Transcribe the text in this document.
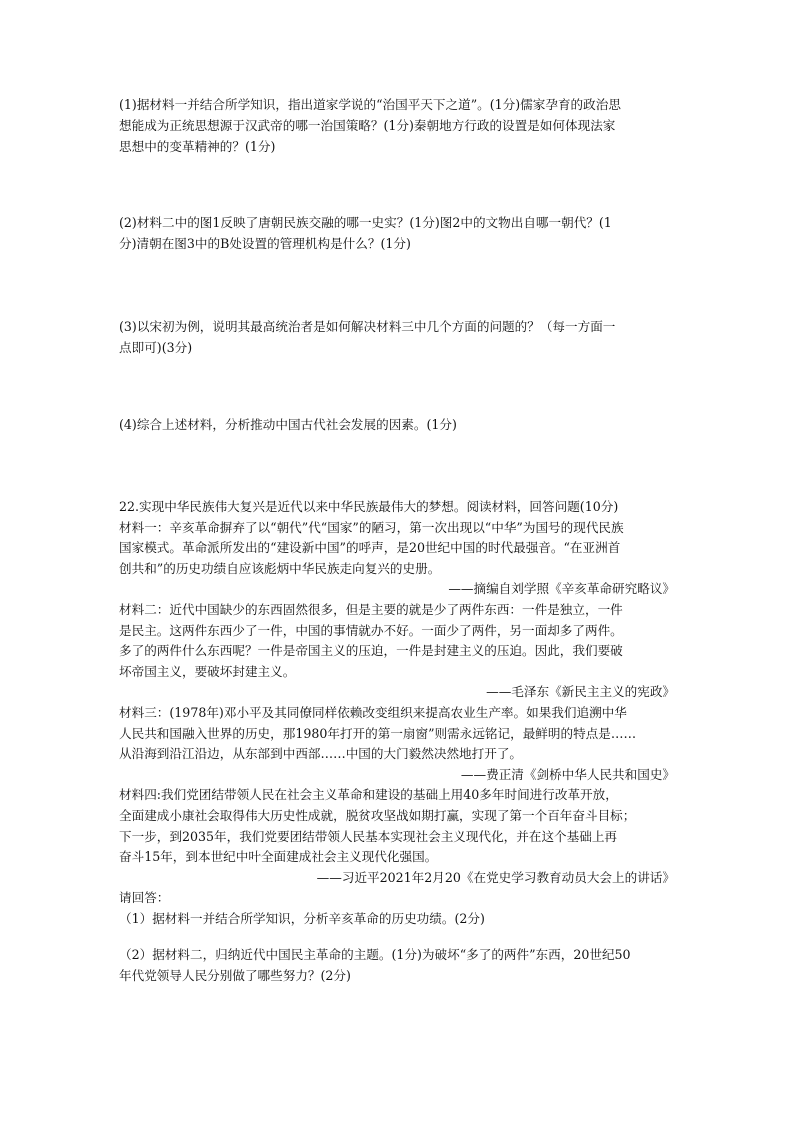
(1)据材料一并结合所学知识，指出道家学说的“治国平天下之道”。(1分)儒家孕育的政治思
想能成为正统思想源于汉武帝的哪一治国策略？(1分)秦朝地方行政的设置是如何体现法家
思想中的变革精神的？(1分)
(2)材料二中的图1反映了唐朝民族交融的哪一史实？(1分)图2中的文物出自哪一朝代？(1
分)清朝在图3中的B处设置的管理机构是什么？(1分)
(3)以宋初为例，说明其最高统治者是如何解决材料三中几个方面的问题的？（每一方面一
点即可)(3分)
(4)综合上述材料，分析推动中国古代社会发展的因素。(1分)
22.实现中华民族伟大复兴是近代以来中华民族最伟大的梦想。阅读材料，回答问题(10分)
材料一：辛亥革命摒弃了以“朝代”代“国家”的陋习，第一次出现以“中华”为国号的现代民族
国家模式。革命派所发出的“建设新中国”的呼声，是20世纪中国的时代最强音。“在亚洲首
创共和”的历史功绩自应该彪炳中华民族走向复兴的史册。
——摘编自刘学照《辛亥革命研究略议》
材料二：近代中国缺少的东西固然很多，但是主要的就是少了两件东西：一件是独立，一件
是民主。这两件东西少了一件，中国的事情就办不好。一面少了两件，另一面却多了两件。
多了的两件什么东西呢？一件是帝国主义的压迫，一件是封建主义的压迫。因此，我们要破
坏帝国主义，要破坏封建主义。
——毛泽东《新民主主义的宪政》
材料三：(1978年)邓小平及其同僚同样依赖改变组织来提高农业生产率。如果我们追溯中华
人民共和国融入世界的历史，那1980年打开的第一扇窗”则需永远铭记，最鲜明的特点是……
从沿海到沿江沿边，从东部到中西部……中国的大门毅然决然地打开了。
——费正清《剑桥中华人民共和国史》
材料四:我们党团结带领人民在社会主义革命和建设的基础上用40多年时间进行改革开放，
全面建成小康社会取得伟大历史性成就，脱贫攻坚战如期打赢，实现了第一个百年奋斗目标；
下一步，到2035年，我们党要团结带领人民基本实现社会主义现代化，并在这个基础上再
奋斗15年，到本世纪中叶全面建成社会主义现代化强国。
——习近平2021年2月20《在党史学习教育动员大会上的讲话》
请回答：
（1）据材料一并结合所学知识，分析辛亥革命的历史功绩。(2分)
（2）据材料二，归纳近代中国民主革命的主题。(1分)为破坏“多了的两件”东西，20世纪50
年代党领导人民分别做了哪些努力？(2分)
